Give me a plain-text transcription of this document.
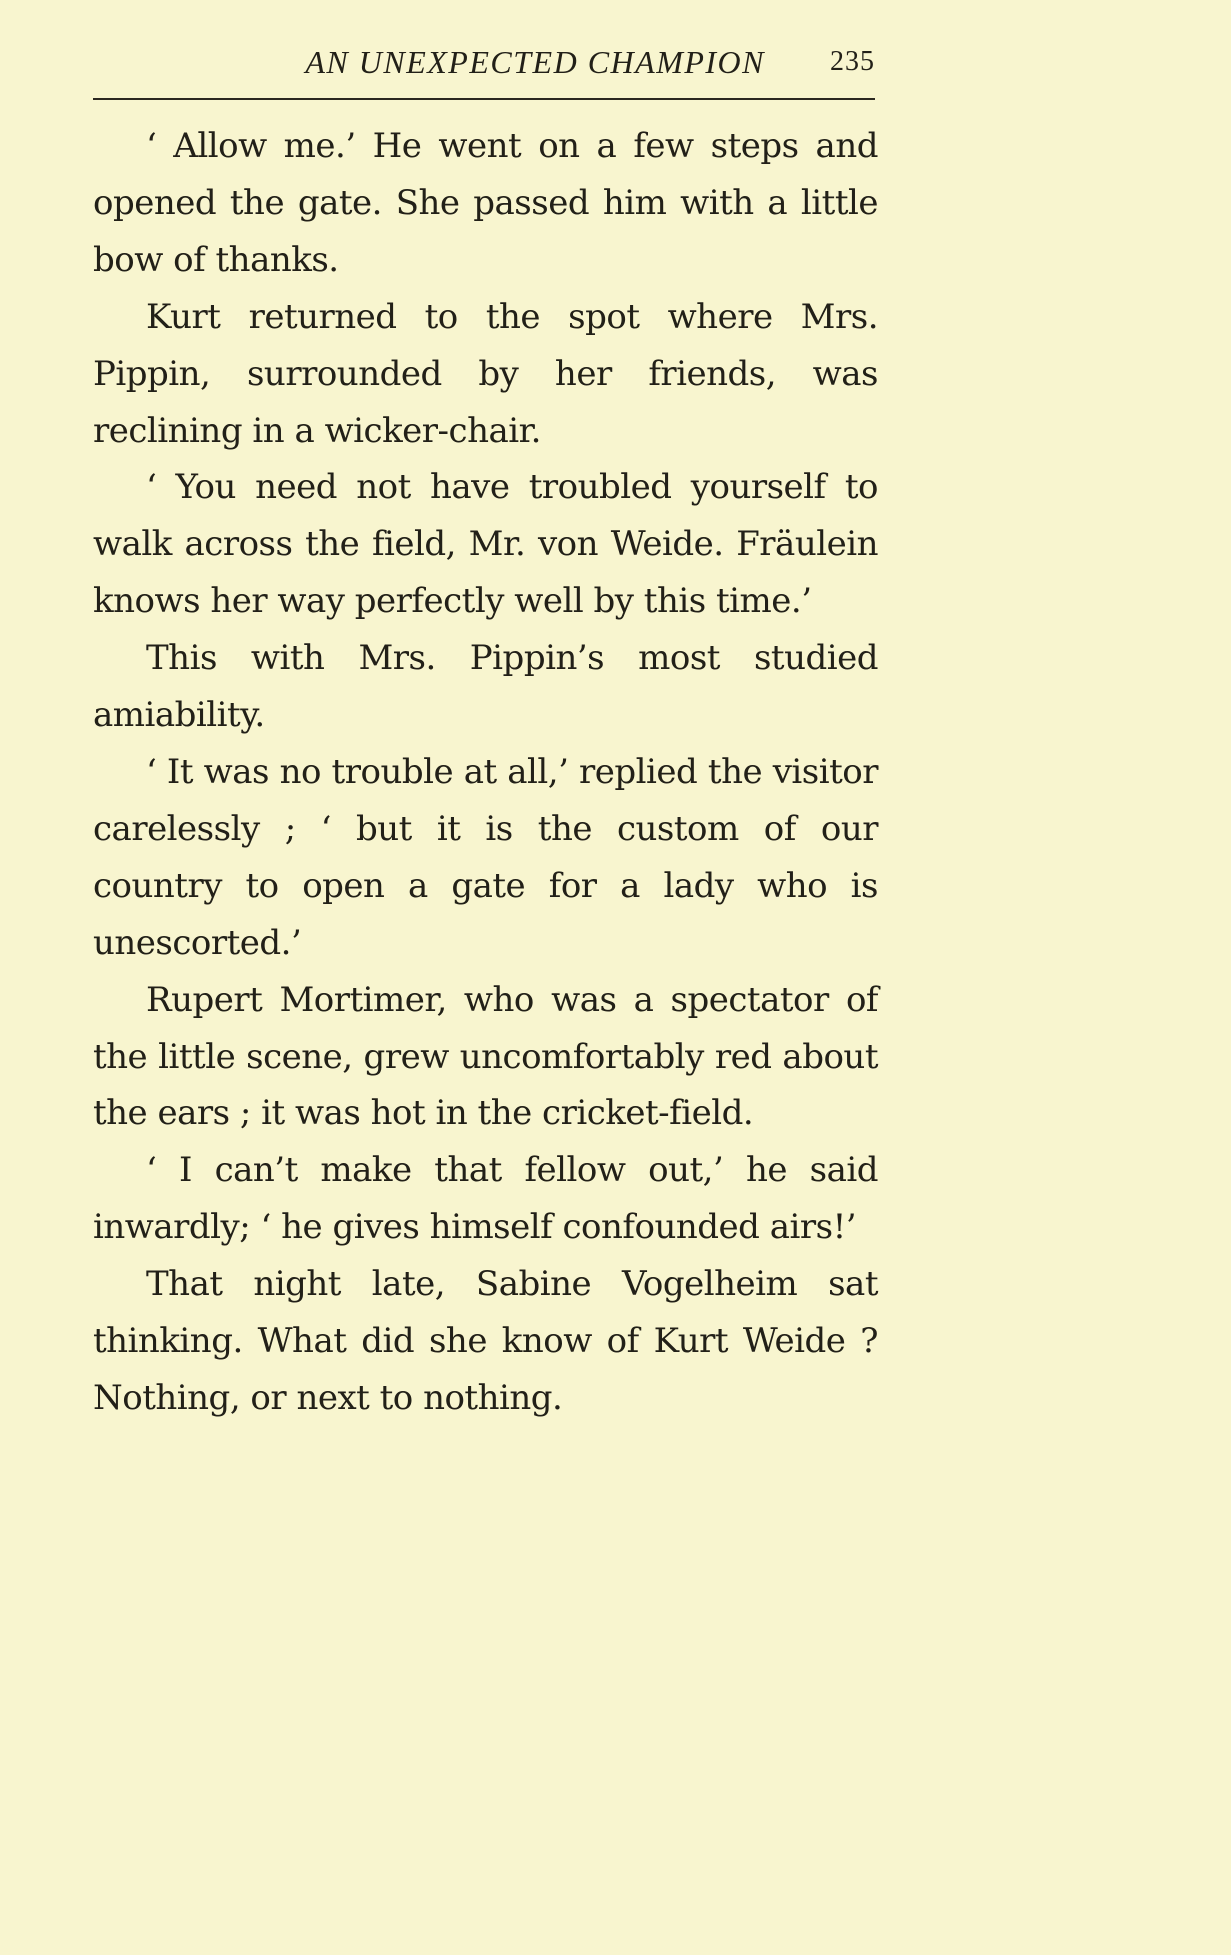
AN UNEXPECTED CHAMPION 235

‘ Allow me.’ He went on a few steps and opened the gate. She passed him with a little bow of thanks.

Kurt returned to the spot where Mrs. Pippin, surrounded by her friends, was reclining in a wicker-chair.

‘ You need not have troubled yourself to walk across the field, Mr. von Weide. Fräulein knows her way perfectly well by this time.’

This with Mrs. Pippin’s most studied amiability.

‘ It was no trouble at all,’ replied the visitor carelessly ; ‘ but it is the custom of our country to open a gate for a lady who is unescorted.’

Rupert Mortimer, who was a spectator of the little scene, grew uncomfortably red about the ears ; it was hot in the cricket-field.

‘ I can’t make that fellow out,’ he said inwardly; ‘ he gives himself confounded airs!’

That night late, Sabine Vogelheim sat thinking. What did she know of Kurt Weide ? Nothing, or next to nothing.
